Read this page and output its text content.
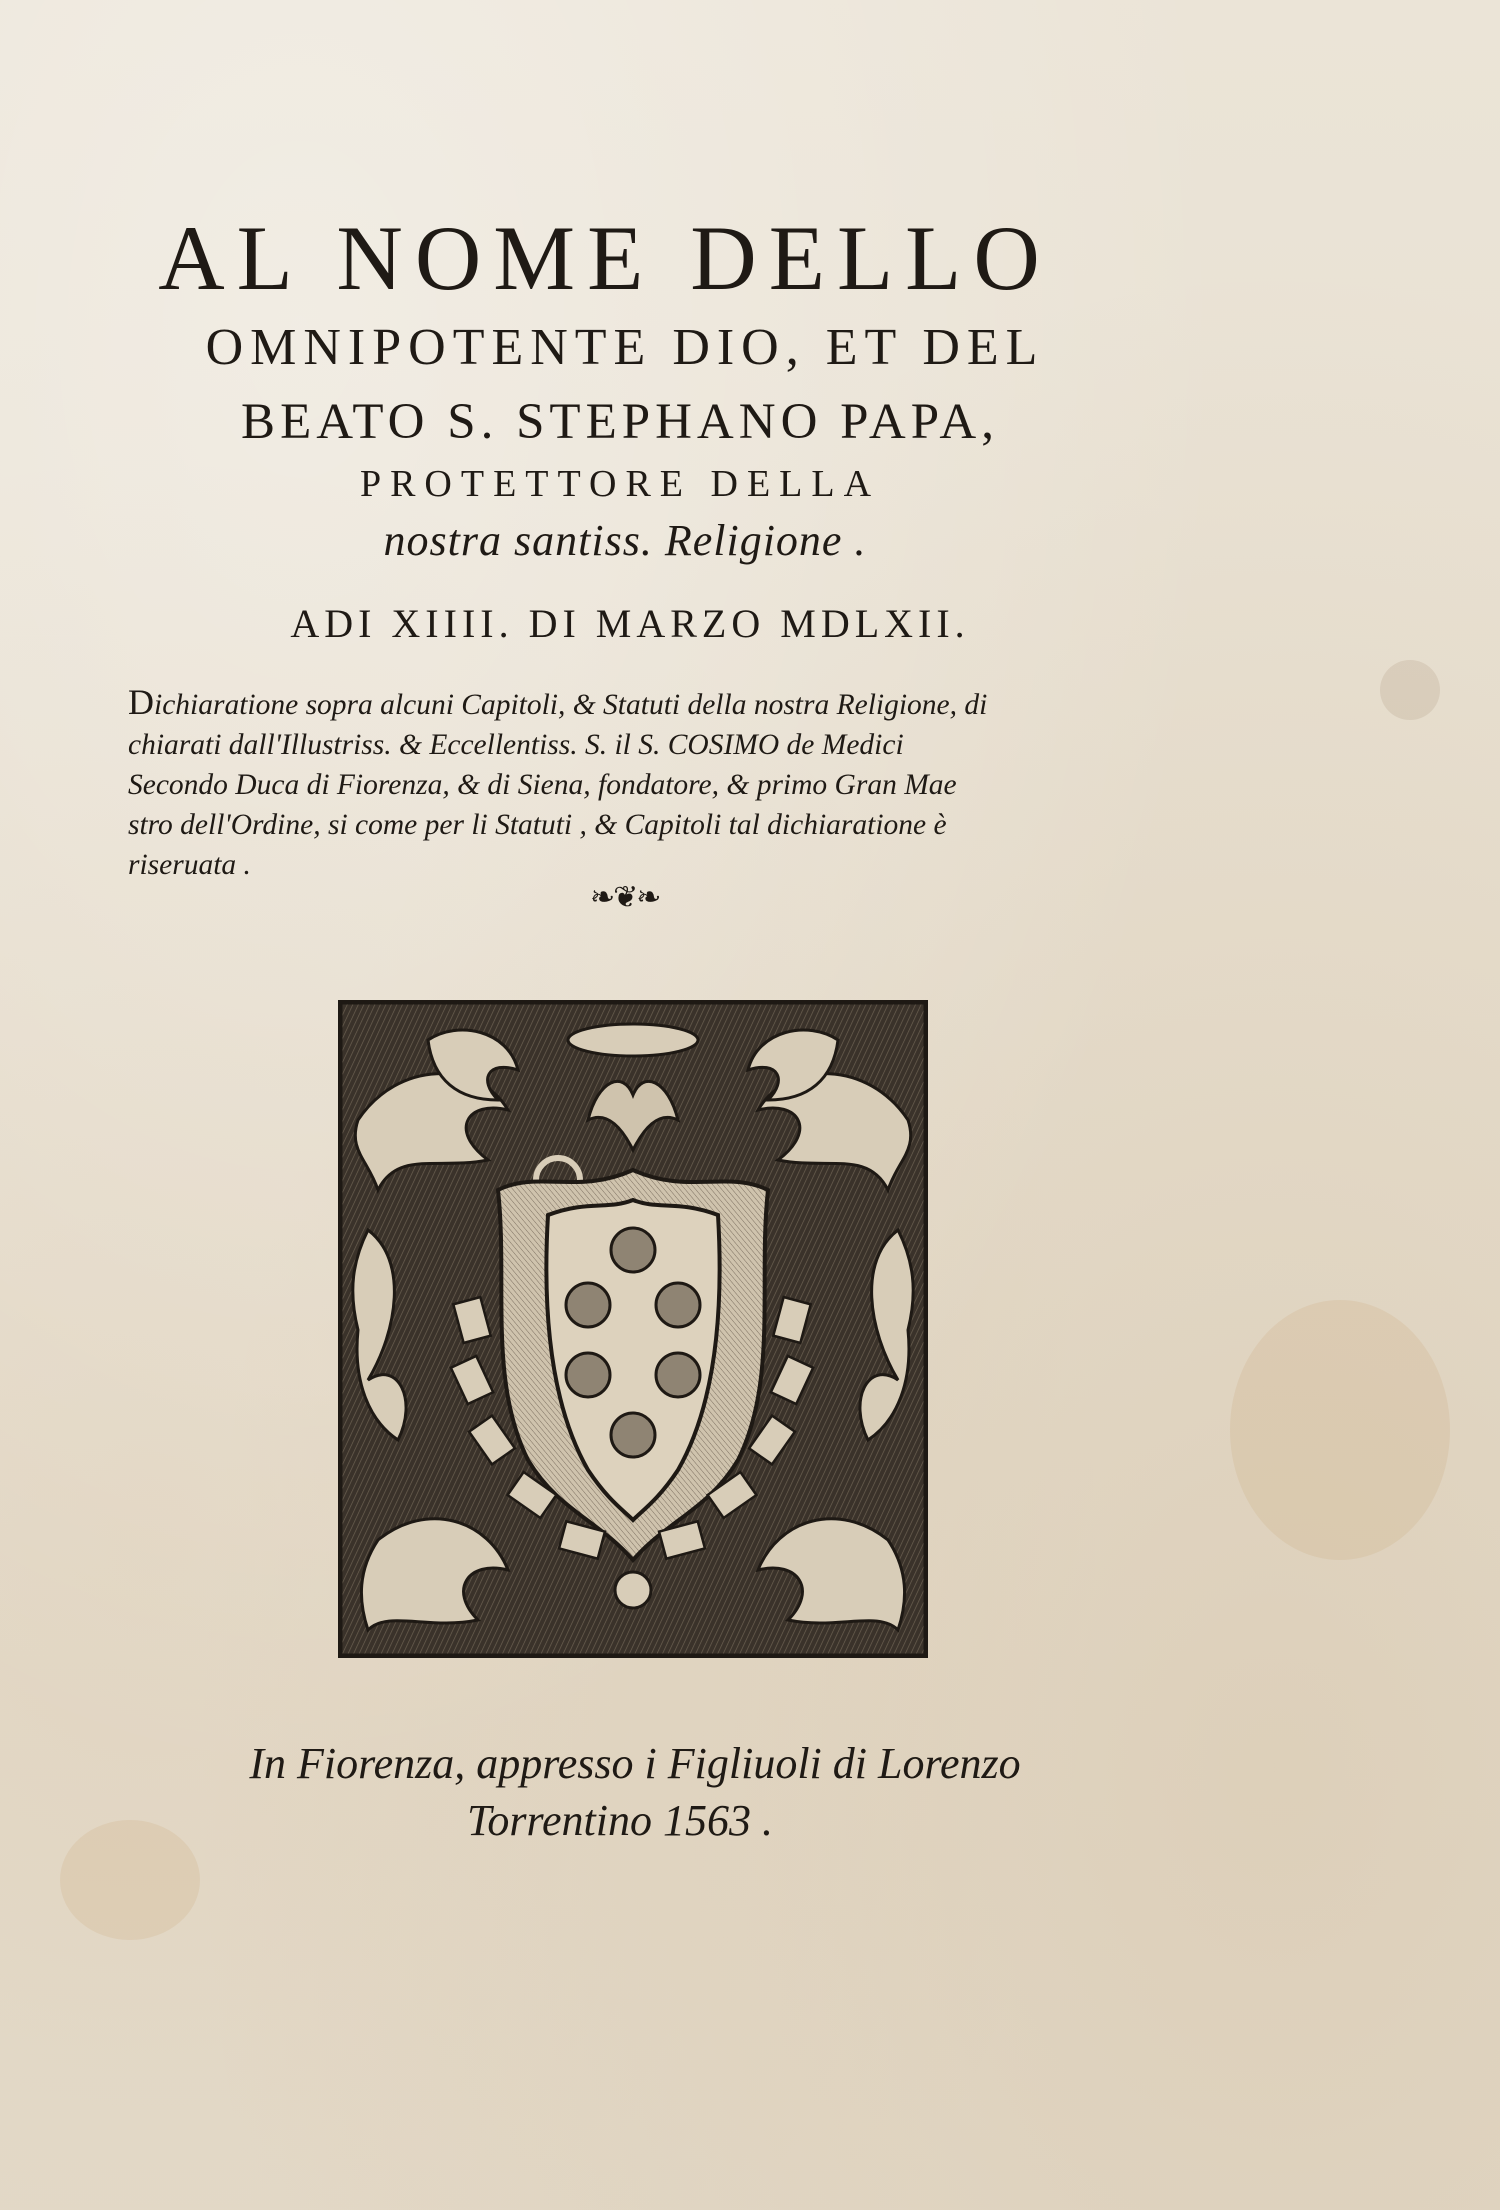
AL NOME DELLO
OMNIPOTENTE DIO, ET DEL
BEATO S. STEPHANO PAPA,
PROTETTORE DELLA
nostra santiss. Religione .
ADI XIIII. DI MARZO MDLXII.
Dichiaratione sopra alcuni Capitoli, & Statuti della nostra Religione, di
chiarati dall'Illustriss. & Eccellentiss. S. il S. COSIMO de Medici
Secondo Duca di Fiorenza, & di Siena, fondatore, & primo Gran Mae
stro dell'Ordine, si come per li Statuti , & Capitoli tal dichiaratione è
riseruata .
❧❦❧
In Fiorenza, appresso i Figliuoli di Lorenzo
Torrentino 1563 .
